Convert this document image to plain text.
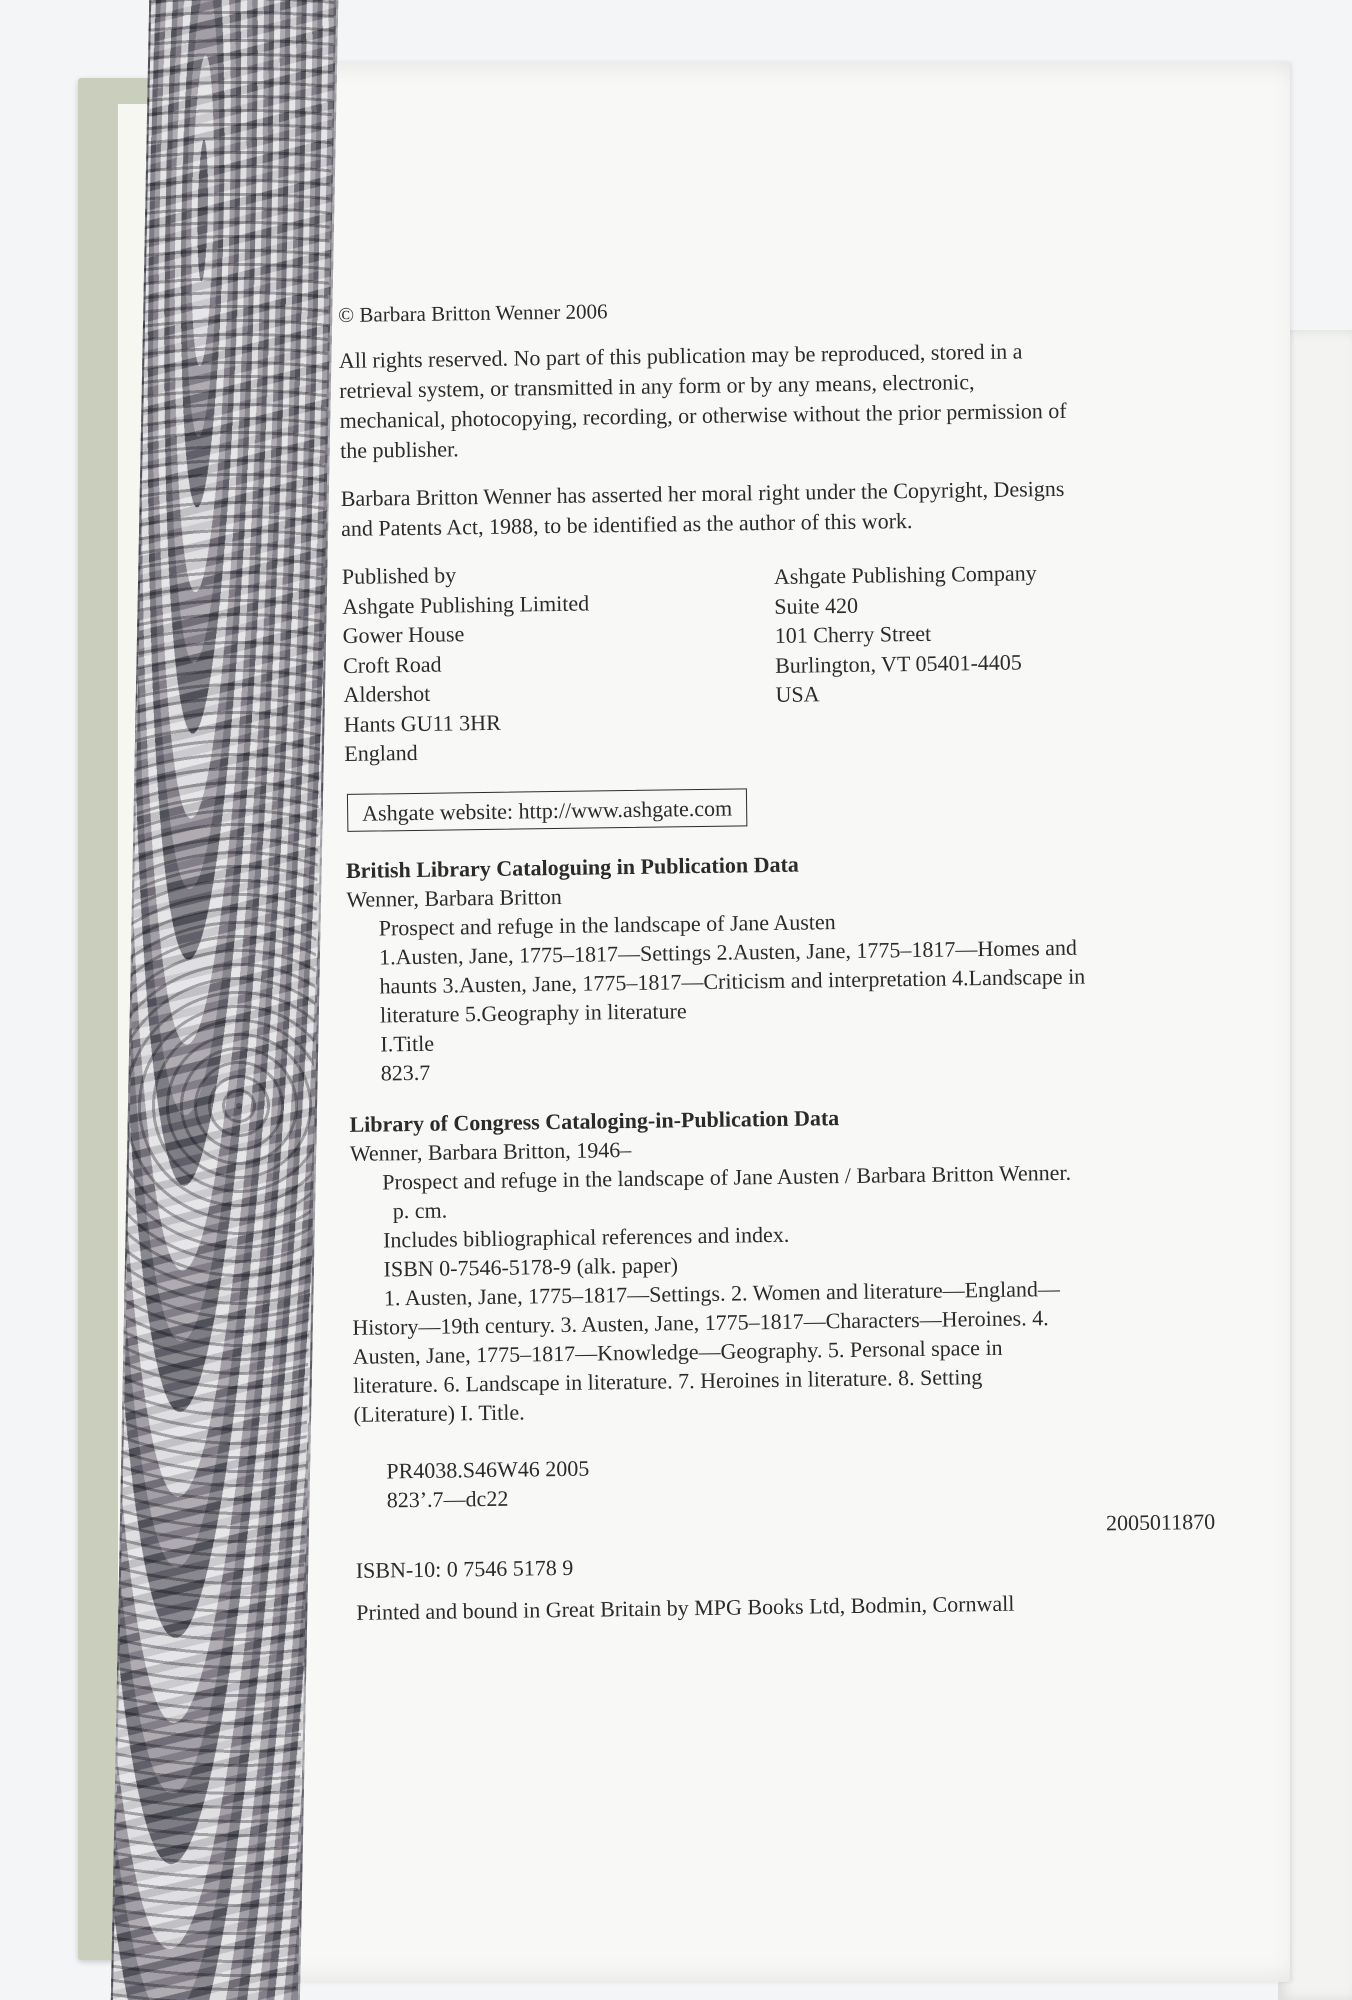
© Barbara Britton Wenner 2006

All rights reserved. No part of this publication may be reproduced, stored in a
retrieval system, or transmitted in any form or by any means, electronic,
mechanical, photocopying, recording, or otherwise without the prior permission of
the publisher.
Barbara Britton Wenner has asserted her moral right under the Copyright, Designs
and Patents Act, 1988, to be identified as the author of this work.
Published by
Ashgate Publishing Limited
Gower House
Croft Road
Aldershot
Hants GU11 3HR
England
Ashgate Publishing Company
Suite 420
101 Cherry Street
Burlington, VT 05401-4405
USA
Ashgate website: http://www.ashgate.com
British Library Cataloguing in Publication Data
Wenner, Barbara Britton
Prospect and refuge in the landscape of Jane Austen
1.Austen, Jane, 1775–1817—Settings 2.Austen, Jane, 1775–1817—Homes and
haunts 3.Austen, Jane, 1775–1817—Criticism and interpretation 4.Landscape in
literature 5.Geography in literature
I.Title
823.7
Library of Congress Cataloging-in-Publication Data
Wenner, Barbara Britton, 1946–
Prospect and refuge in the landscape of Jane Austen / Barbara Britton Wenner.
p. cm.
Includes bibliographical references and index.
ISBN 0-7546-5178-9 (alk. paper)
1. Austen, Jane, 1775–1817—Settings. 2. Women and literature—England—
History—19th century. 3. Austen, Jane, 1775–1817—Characters—Heroines. 4.
Austen, Jane, 1775–1817—Knowledge—Geography. 5. Personal space in
literature. 6. Landscape in literature. 7. Heroines in literature. 8. Setting
(Literature) I. Title.
PR4038.S46W46 2005
823’.7—dc22
2005011870
ISBN-10: 0 7546 5178 9
Printed and bound in Great Britain by MPG Books Ltd, Bodmin, Cornwall
